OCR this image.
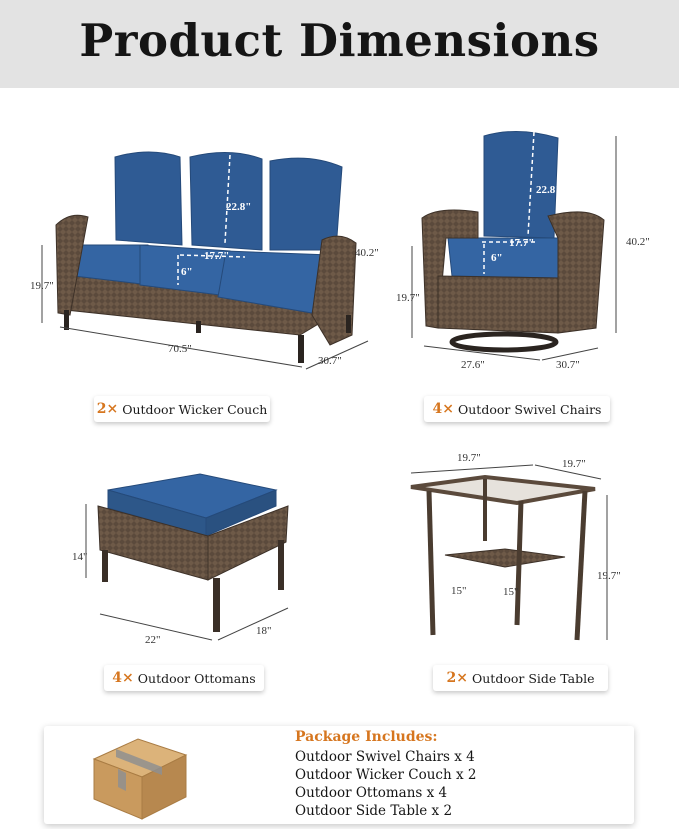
Product Dimensions
22.8"
17.7"
6"
19.7"
40.2"
70.5"
30.7"
22.8"
17.7"
6"
19.7"
40.2"
27.6"	30.7"
2× Outdoor Wicker Couch	4× Outdoor Swivel Chairs
14"
22"
18"
19.7"	19.7"
19.7"
15"	15"
4× Outdoor Ottomans	2× Outdoor Side Table
Package Includes:
Outdoor Swivel Chairs x 4
Outdoor Wicker Couch x 2
Outdoor Ottomans x 4
Outdoor Side Table x 2
